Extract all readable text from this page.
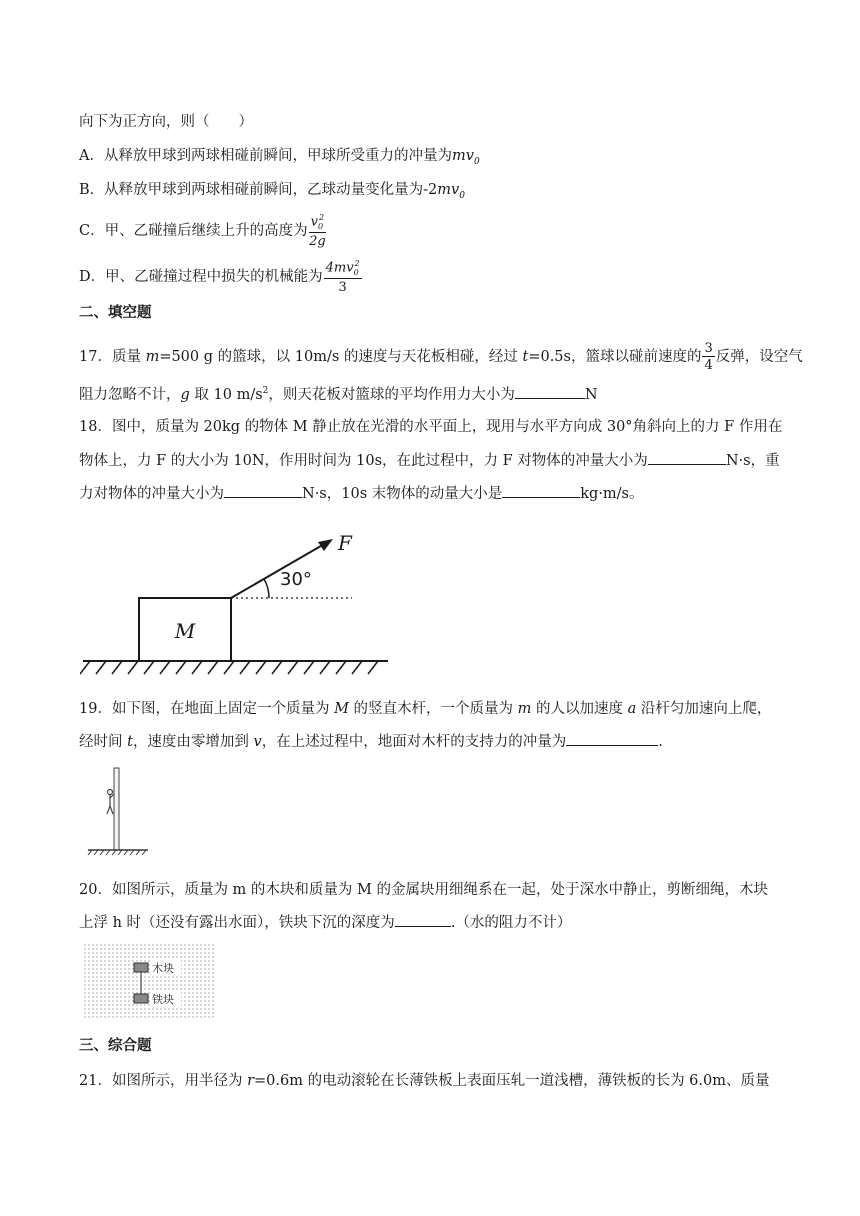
向下为正方向，则（　　）
A．从释放甲球到两球相碰前瞬间，甲球所受重力的冲量为$mv_0$
B．从释放甲球到两球相碰前瞬间，乙球动量变化量为$-2mv_0$
C．甲、乙碰撞后继续上升的高度为 $\frac{v_0^2}{2g}$
D．甲、乙碰撞过程中损失的机械能为 $\frac{4mv_0^2}{3}$
二、填空题
17．质量 m=500 g 的篮球，以 10m/s 的速度与天花板相碰，经过 t=0.5s，篮球以碰前速度的 $\frac{3}{4}$ 反弹，设空气
阻力忽略不计，g 取 10 $m/s^2$，则天花板对篮球的平均作用力大小为	N
18．图中，质量为 20kg 的物体 M 静止放在光滑的水平面上，现用与水平方向成 30°角斜向上的力 F 作用在
物体上，力 F 的大小为 10N，作用时间为 10s，在此过程中，力 F 对物体的冲量大小为	N·s，重
力对物体的冲量大小为	N·s，10s 末物体的动量大小是	kg·m/s。
M
F
30°
19．如下图，在地面上固定一个质量为 M 的竖直木杆，一个质量为 m 的人以加速度 a 沿杆匀加速向上爬，
经时间 t，速度由零增加到 v，在上述过程中，地面对木杆的支持力的冲量为	.
20．如图所示，质量为 m 的木块和质量为 M 的金属块用细绳系在一起，处于深水中静止，剪断细绳，木块
上浮 h 时（还没有露出水面），铁块下沉的深度为	.（水的阻力不计）
木块
铁块
三、综合题
21．如图所示，用半径为 r=0.6m 的电动滚轮在长薄铁板上表面压轧一道浅槽，薄铁板的长为 6.0m、质量
